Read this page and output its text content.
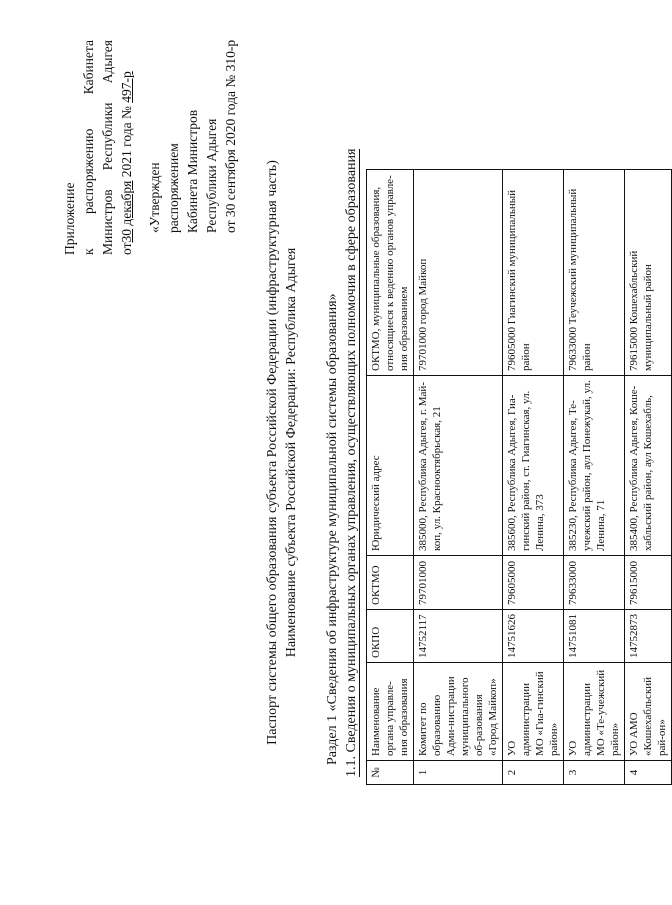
Приложение к
распоряжению
Кабинета
Министров
Республики
Адыгея
от30 декабря 2021 года № 497-р
«Утвержден распоряжением Кабинета Министров Республики Адыгея от 30 сентября 2020 года № 310-р
Паспорт системы общего образования субъекта Российской Федерации (инфраструктурная часть) Наименование субъекта Российской Федерации: Республика Адыгея Раздел 1 «Сведения об инфраструктуре муниципальной системы образования» 1.1. Сведения о муниципальных органах управления, осуществляющих полномочия в сфере образования №	Наименование органа управле-ния образования	ОКПО	ОКТМО	Юридический адрес	ОКТМО, муниципальные образования, относящиеся к ведению органов управле-ния образованием
1	Комитет по образованию Адми-нистрации муниципального об-разования «Город Майкоп»	14752117	79701000	385000, Республика Адыгея, г. Май-коп, ул. Краснооктябрьская, 21	79701000 город Майкоп
2	УО администрации МО «Гиа-гинский район»	14751626	79605000	385600, Республика Адыгея, Гиа-гинский район, ст. Гиагинская, ул. Ленина, 373	79605000 Гиагинский муниципальный район
3	УО администрации МО «Те-учежский район»	14751081	79633000	385230, Республика Адыгея, Те-учежский район, аул Понежукай, ул. Ленина, 71	79633000 Теучежский муниципальный район
4	УО АМО «Кошехабльский рай-он»	14752873	79615000	385400, Республика Адыгея, Коше-хабльский район, аул Кошехабль,	79615000 Кошехабльский муниципальный район
